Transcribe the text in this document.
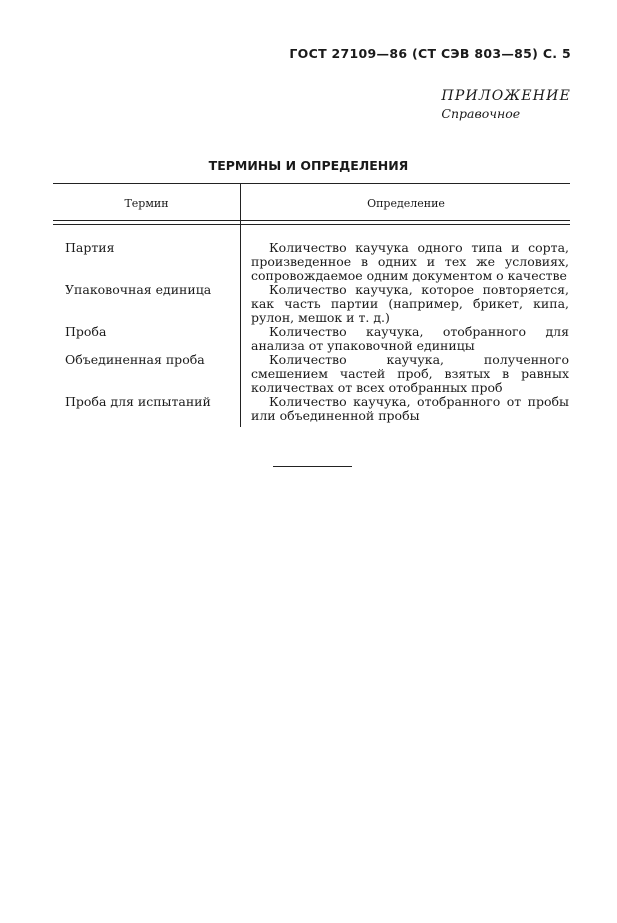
ГОСТ 27109—86 (СТ СЭВ 803—85) С. 5
ПРИЛОЖЕНИЕ
Справочное
ТЕРМИНЫ И ОПРЕДЕЛЕНИЯ
Термин	Определение
Партия	Количество каучука одного типа и сорта, произведенное в одних и тех же условиях, сопровождаемое одним документом о качестве
Упаковочная единица	Количество каучука, которое повторяется, как часть партии (например, брикет, кипа, рулон, мешок и т. д.)
Проба	Количество каучука, отобранного для анализа от упаковочной единицы
Объединенная проба	Количество каучука, полученного смешением частей проб, взятых в равных количествах от всех отобранных проб
Проба для испытаний	Количество каучука, отобранного от пробы или объединенной пробы
